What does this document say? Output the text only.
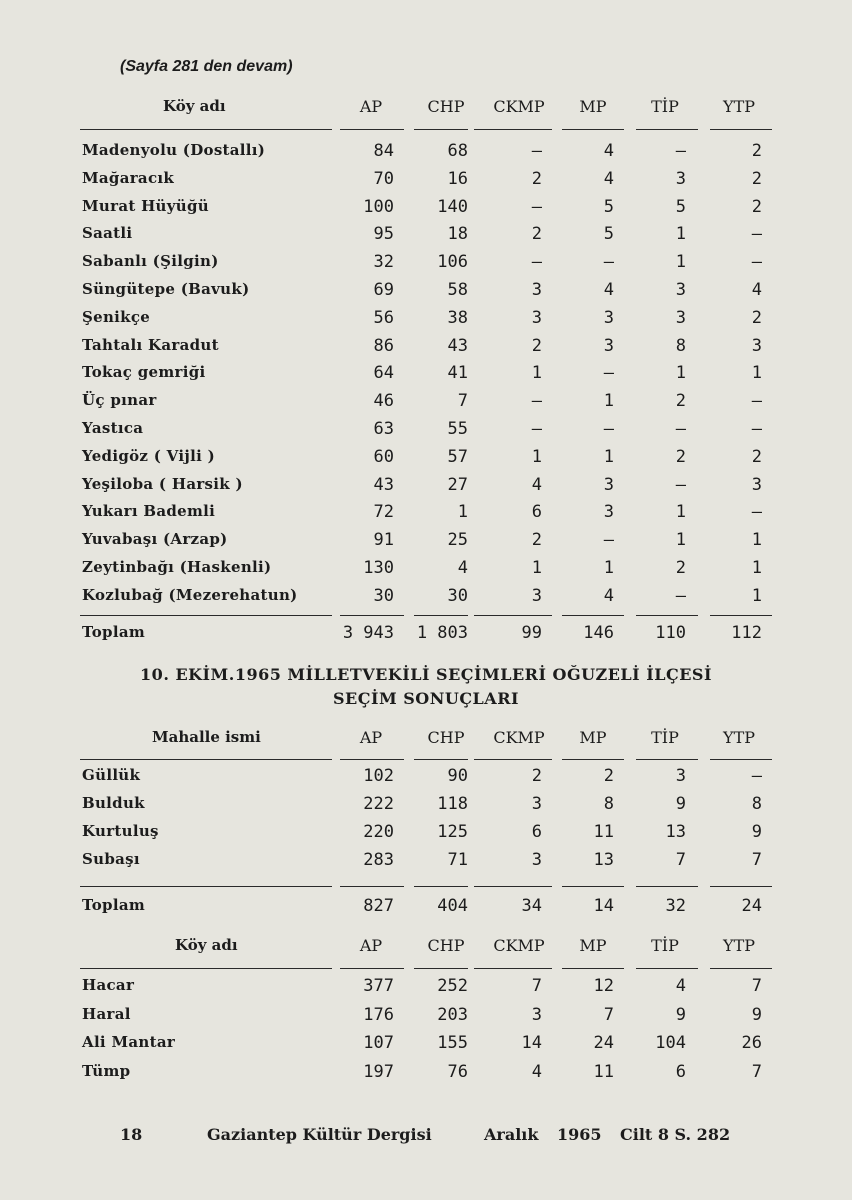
(Sayfa 281 den devam)
Köy adı	AP	CHP	CKMP	MP	TİP	YTP
Madenyolu (Dostallı)	84	68	—	4	—	2
Mağaracık	70	16	2	4	3	2
Murat Hüyüğü	100	140	—	5	5	2
Saatli	95	18	2	5	1	—
Sabanlı (Şilgin)	32	106	—	—	1	—
Süngütepe (Bavuk)	69	58	3	4	3	4
Şenikçe	56	38	3	3	3	2
Tahtalı Karadut	86	43	2	3	8	3
Tokaç gemriği	64	41	1	—	1	1
Üç pınar	46	7	—	1	2	—
Yastıca	63	55	—	—	—	—
Yedigöz ( Vijli )	60	57	1	1	2	2
Yeşiloba ( Harsik )	43	27	4	3	—	3
Yukarı Bademli	72	1	6	3	1	—
Yuvabaşı (Arzap)	91	25	2	—	1	1
Zeytinbağı (Haskenli)	130	4	1	1	2	1
Kozlubağ (Mezerehatun)	30	30	3	4	—	1
Toplam	3 943	1 803	99	146	110	112
10. EKİM.1965 MİLLETVEKİLİ SEÇİMLERİ OĞUZELİ İLÇESİ
SEÇİM SONUÇLARI
Mahalle ismi	AP	CHP	CKMP	MP	TİP	YTP
Güllük	102	90	2	2	3	—
Bulduk	222	118	3	8	9	8
Kurtuluş	220	125	6	11	13	9
Subaşı	283	71	3	13	7	7
Toplam	827	404	34	14	32	24
Köy adı	AP	CHP	CKMP	MP	TİP	YTP
Hacar	377	252	7	12	4	7
Haral	176	203	3	7	9	9
Ali Mantar	107	155	14	24	104	26
Tümp	197	76	4	11	6	7
18	Gaziantep Kültür Dergisi	Aralık 1965 Cilt 8 S. 282
